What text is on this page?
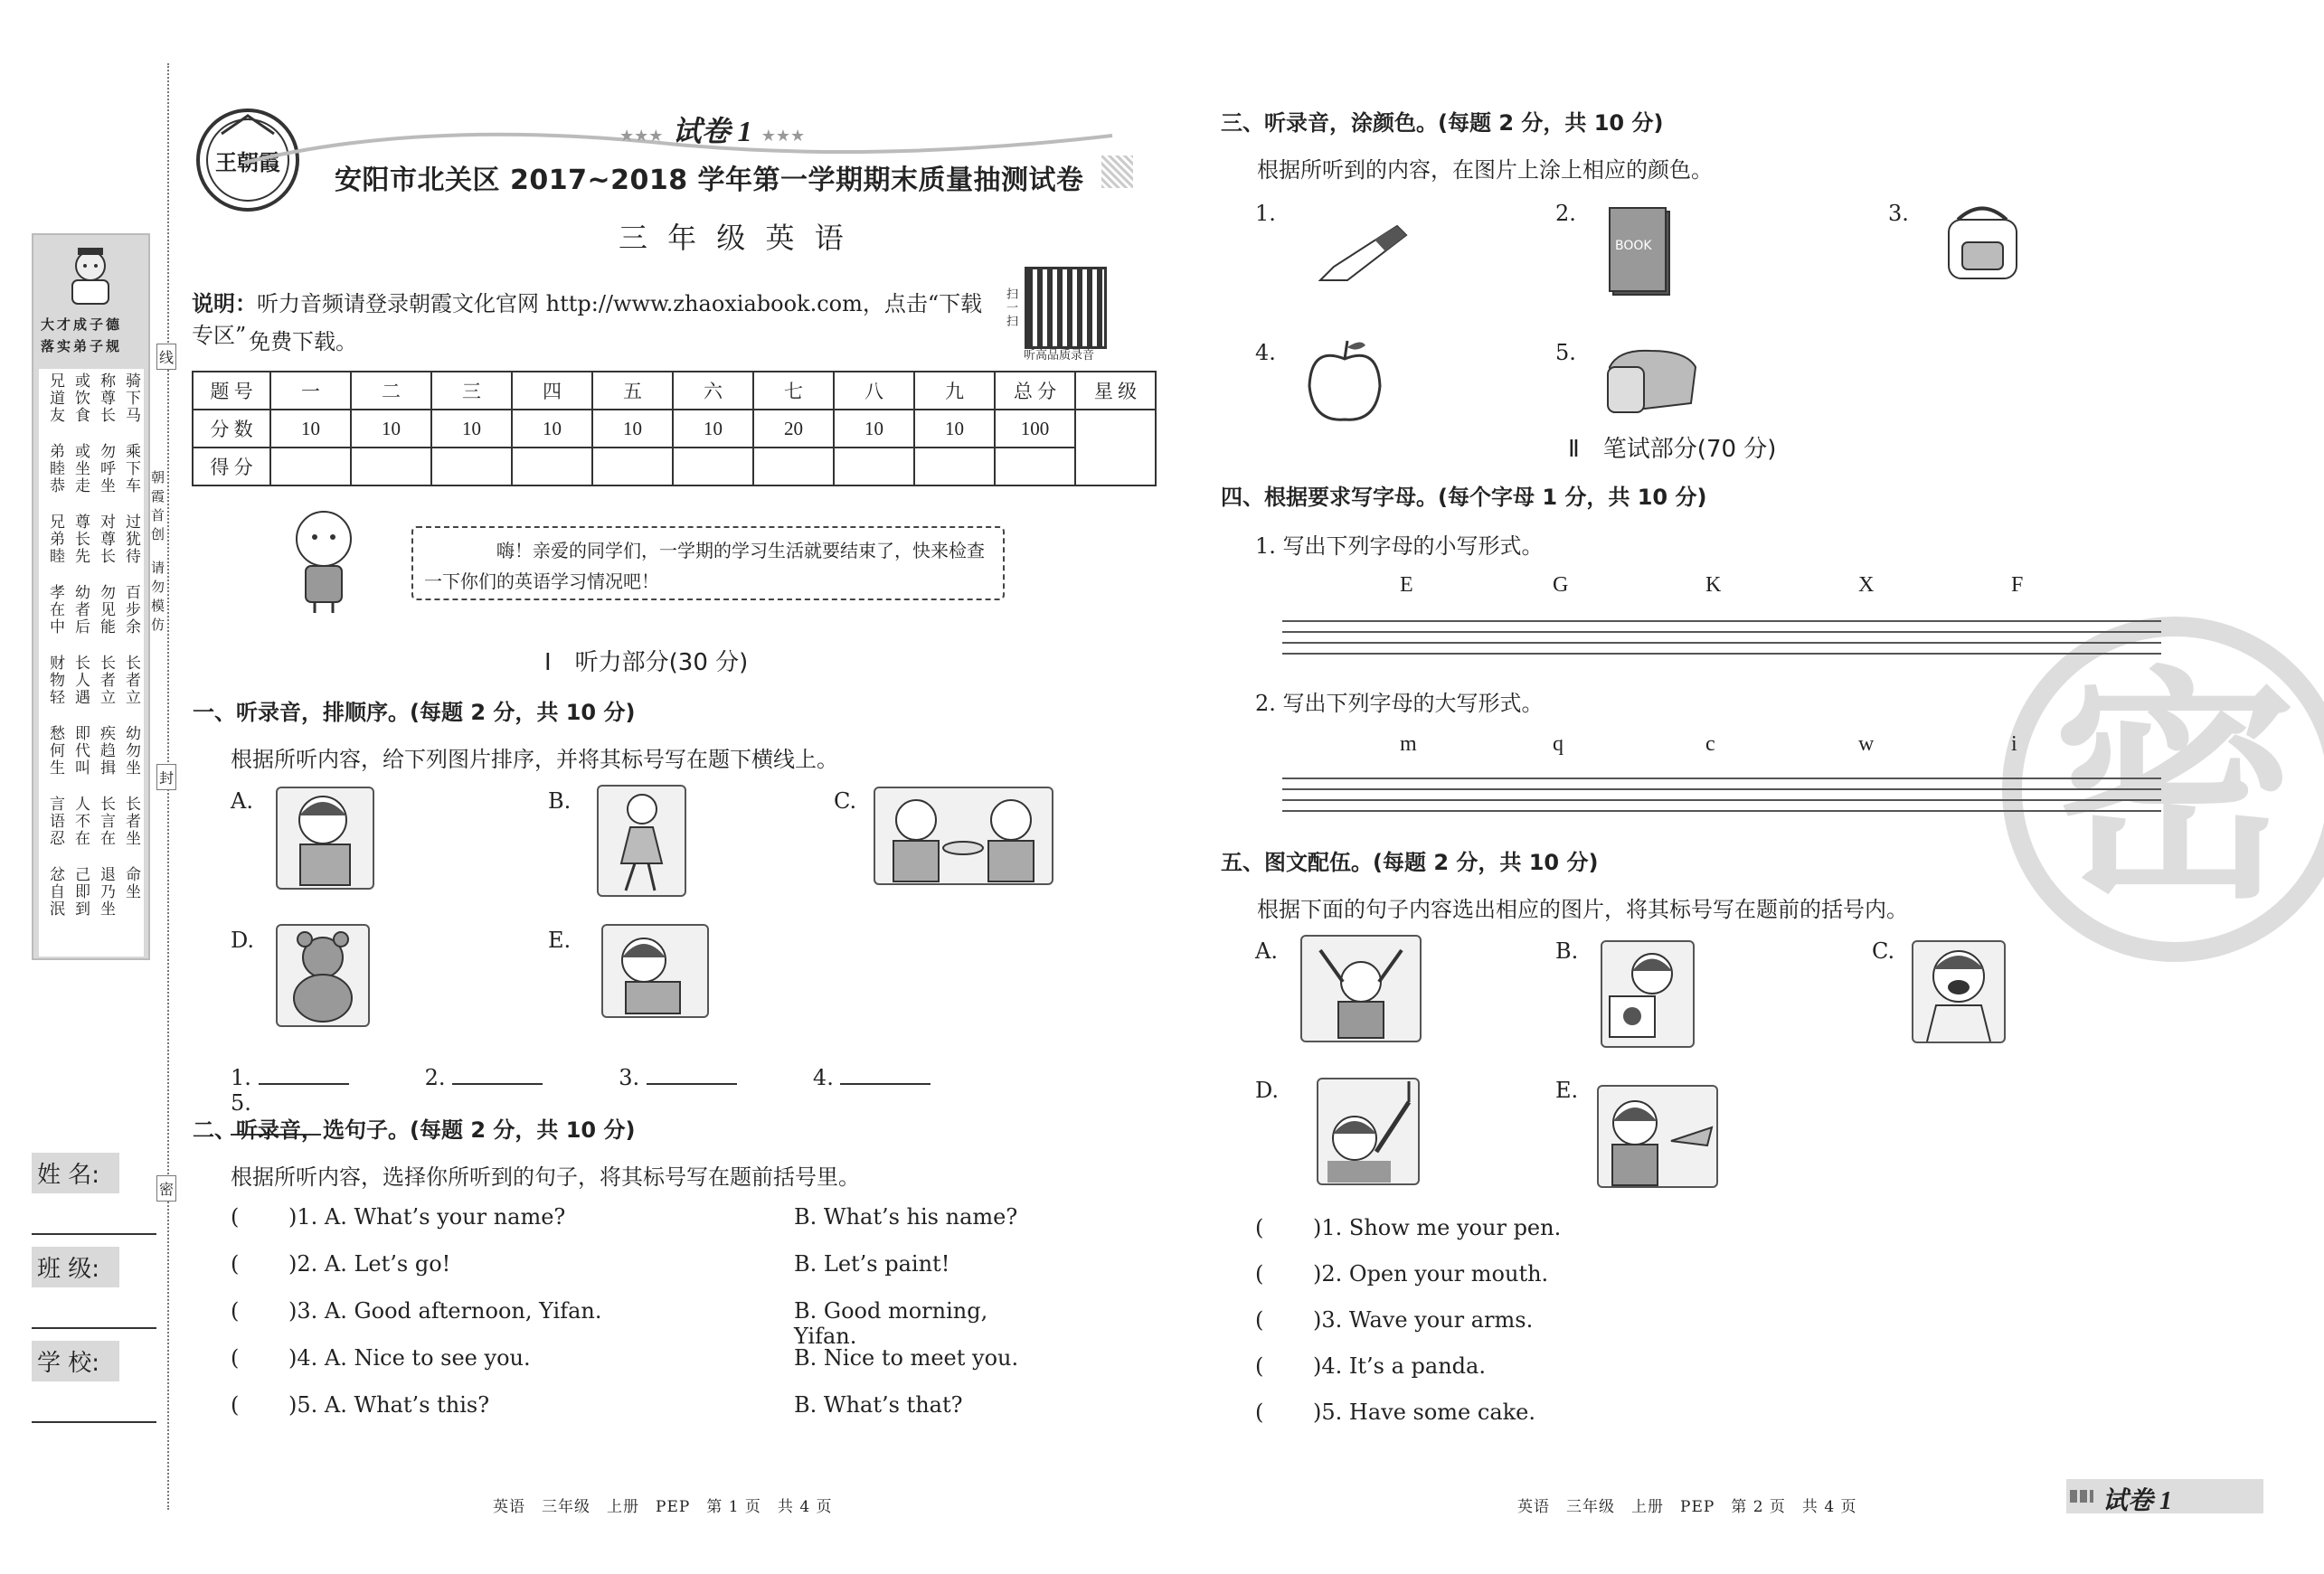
大才成子德
落实弟子规
兄道友 或饮食 称尊长 骑下马
弟睦恭 或坐走 勿呼坐 乘下车
兄弟睦 尊长先 对尊长 过犹待
孝在中 幼者后 勿见能 百步余
财物轻 长人遇 长者立 长者立
愁何生 即代叫 疾趋揖 幼勿坐
言语忍 人不在 长言在 长者坐
忿自泯 己即到 退乃坐 命坐
线
朝霞首创
请勿模仿
封
密
姓 名:
班 级:
学 校:
王朝霞
★★★ 试卷 1 ★★★
安阳市北关区 2017~2018 学年第一学期期末质量抽测试卷
三 年 级 英 语
说明：听力音频请登录朝霞文化官网 http://www.zhaoxiabook.com，点击“下载专区” 免费下载。
扫一扫
听高品质录音
题 号	一	二	三	四	五	六	七	八	九	总 分	星 级
分 数	10	10	10	10	10	10	20	10	10	100	
得 分											
嗨！亲爱的同学们，一学期的学习生活就要结束了，快来检查一下你们的英语学习情况吧！
Ⅰ　听力部分(30 分)
一、听录音，排顺序。(每题 2 分，共 10 分)
根据所听内容，给下列图片排序，并将其标号写在题下横线上。
A.	B.	C.
D.	E.
1.	2.	3.	4.  5.
二、听录音，选句子。(每题 2 分，共 10 分)
根据所听内容，选择你所听到的句子，将其标号写在题前括号里。
( )1. A. What’s your name?	B. What’s his name?
( )2. A. Let’s go!	B. Let’s paint!
( )3. A. Good afternoon, Yifan.	B. Good morning, Yifan.
( )4. A. Nice to see you.	B. Nice to meet you.
( )5. A. What’s this?	B. What’s that?
英语　三年级　上册　PEP　第 1 页　共 4 页
密
三、听录音，涂颜色。(每题 2 分，共 10 分)
根据所听到的内容，在图片上涂上相应的颜色。
1.	2.
BOOK
3.
4.	5.
Ⅱ　笔试部分(70 分)
四、根据要求写字母。(每个字母 1 分，共 10 分)
1. 写出下列字母的小写形式。
E	G	K	X	F
2. 写出下列字母的大写形式。
m	q	c	w	i
五、图文配伍。(每题 2 分，共 10 分)
根据下面的句子内容选出相应的图片，将其标号写在题前的括号内。
A.	B.	C.
D.	E.
( )1. Show me your pen.
( )2. Open your mouth.
( )3. Wave your arms.
( )4. It’s a panda.
( )5. Have some cake.
英语　三年级　上册　PEP　第 2 页　共 4 页	试卷 1
